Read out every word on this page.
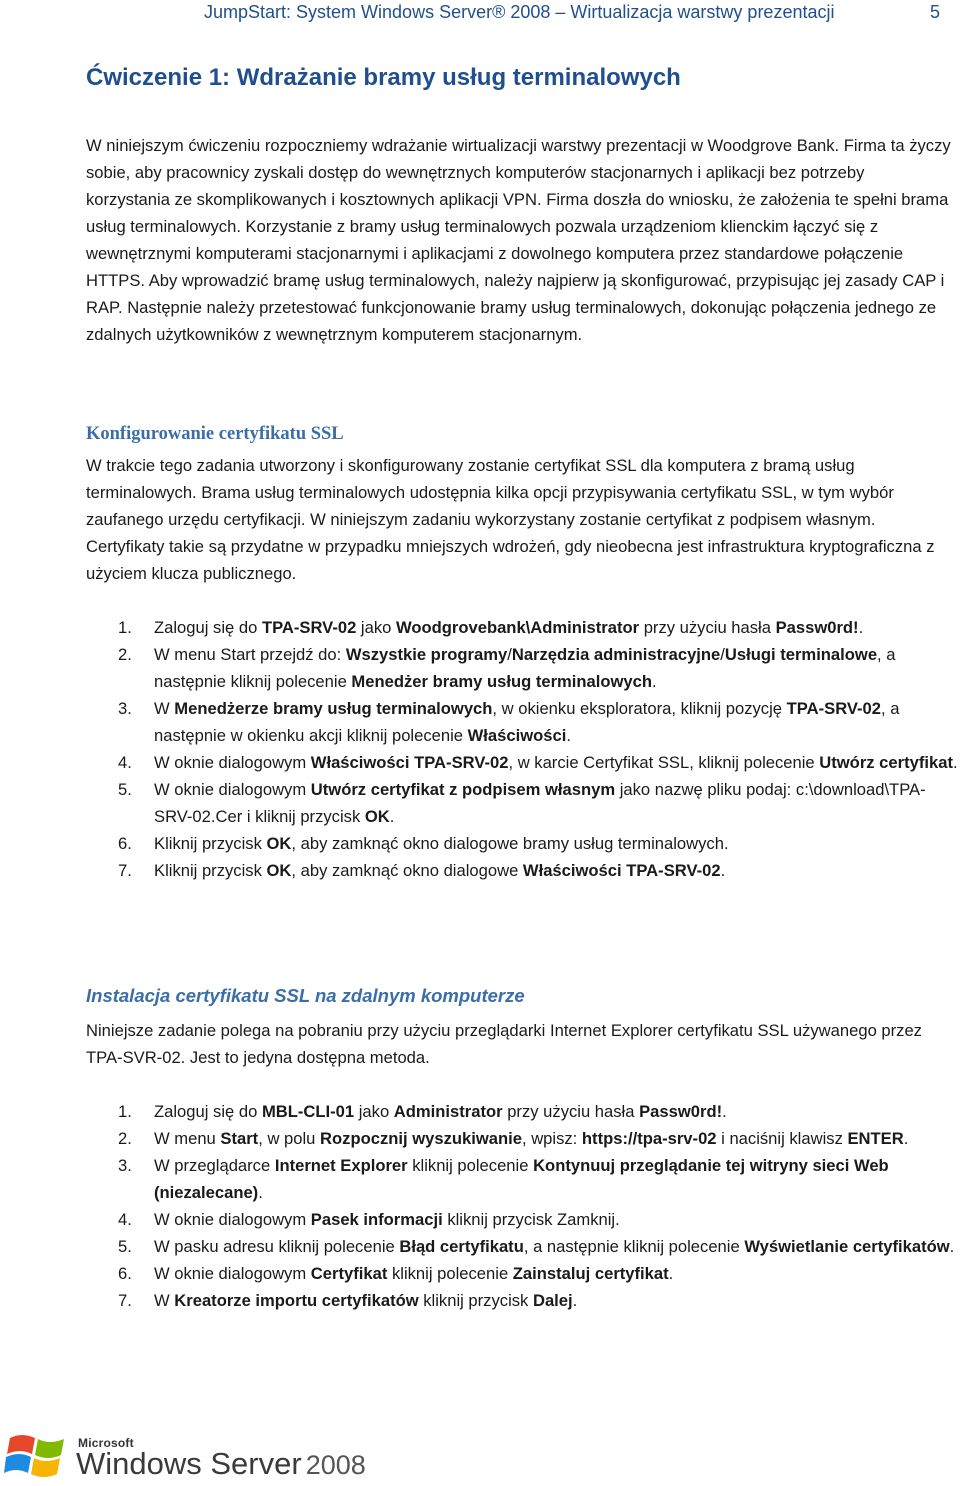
JumpStart: System Windows Server® 2008 – Wirtualizacja warstwy prezentacji	5
Ćwiczenie 1: Wdrażanie bramy usług terminalowych

W niniejszym ćwiczeniu rozpoczniemy wdrażanie wirtualizacji warstwy prezentacji w Woodgrove Bank. Firma ta życzy sobie, aby pracownicy zyskali dostęp do wewnętrznych komputerów stacjonarnych i aplikacji bez potrzeby korzystania ze skomplikowanych i kosztownych aplikacji VPN. Firma doszła do wniosku, że założenia te spełni brama usług terminalowych. Korzystanie z bramy usług terminalowych pozwala urządzeniom klienckim łączyć się z wewnętrznymi komputerami stacjonarnymi i aplikacjami z dowolnego komputera przez standardowe połączenie HTTPS. Aby wprowadzić bramę usług terminalowych, należy najpierw ją skonfigurować, przypisując jej zasady CAP i RAP. Następnie należy przetestować funkcjonowanie bramy usług terminalowych, dokonując połączenia jednego ze zdalnych użytkowników z wewnętrznym komputerem stacjonarnym.

Konfigurowanie certyfikatu SSL

W trakcie tego zadania utworzony i skonfigurowany zostanie certyfikat SSL dla komputera z bramą usług terminalowych. Brama usług terminalowych udostępnia kilka opcji przypisywania certyfikatu SSL, w tym wybór zaufanego urzędu certyfikacji. W niniejszym zadaniu wykorzystany zostanie certyfikat z podpisem własnym. Certyfikaty takie są przydatne w przypadku mniejszych wdrożeń, gdy nieobecna jest infrastruktura kryptograficzna z użyciem klucza publicznego.

1. Zaloguj się do TPA-SRV-02 jako Woodgrovebank\Administrator przy użyciu hasła Passw0rd!.
2. W menu Start przejdź do: Wszystkie programy/Narzędzia administracyjne/Usługi terminalowe, a następnie kliknij polecenie Menedżer bramy usług terminalowych.
3. W Menedżerze bramy usług terminalowych, w okienku eksploratora, kliknij pozycję TPA-SRV-02, a następnie w okienku akcji kliknij polecenie Właściwości.
4. W oknie dialogowym Właściwości TPA-SRV-02, w karcie Certyfikat SSL, kliknij polecenie Utwórz certyfikat.
5. W oknie dialogowym Utwórz certyfikat z podpisem własnym jako nazwę pliku podaj: c:\download\TPA-SRV-02.Cer i kliknij przycisk OK.
6. Kliknij przycisk OK, aby zamknąć okno dialogowe bramy usług terminalowych.
7. Kliknij przycisk OK, aby zamknąć okno dialogowe Właściwości TPA-SRV-02.
Instalacja certyfikatu SSL na zdalnym komputerze

Niniejsze zadanie polega na pobraniu przy użyciu przeglądarki Internet Explorer certyfikatu SSL używanego przez TPA-SVR-02. Jest to jedyna dostępna metoda.

1. Zaloguj się do MBL-CLI-01 jako Administrator przy użyciu hasła Passw0rd!.
2. W menu Start, w polu Rozpocznij wyszukiwanie, wpisz: https://tpa-srv-02 i naciśnij klawisz ENTER.
3. W przeglądarce Internet Explorer kliknij polecenie Kontynuuj przeglądanie tej witryny sieci Web (niezalecane).
4. W oknie dialogowym Pasek informacji kliknij przycisk Zamknij.
5. W pasku adresu kliknij polecenie Błąd certyfikatu, a następnie kliknij polecenie Wyświetlanie certyfikatów.
6. W oknie dialogowym Certyfikat kliknij polecenie Zainstaluj certyfikat.
7. W Kreatorze importu certyfikatów kliknij przycisk Dalej.
Microsoft
Windows Server 2008
